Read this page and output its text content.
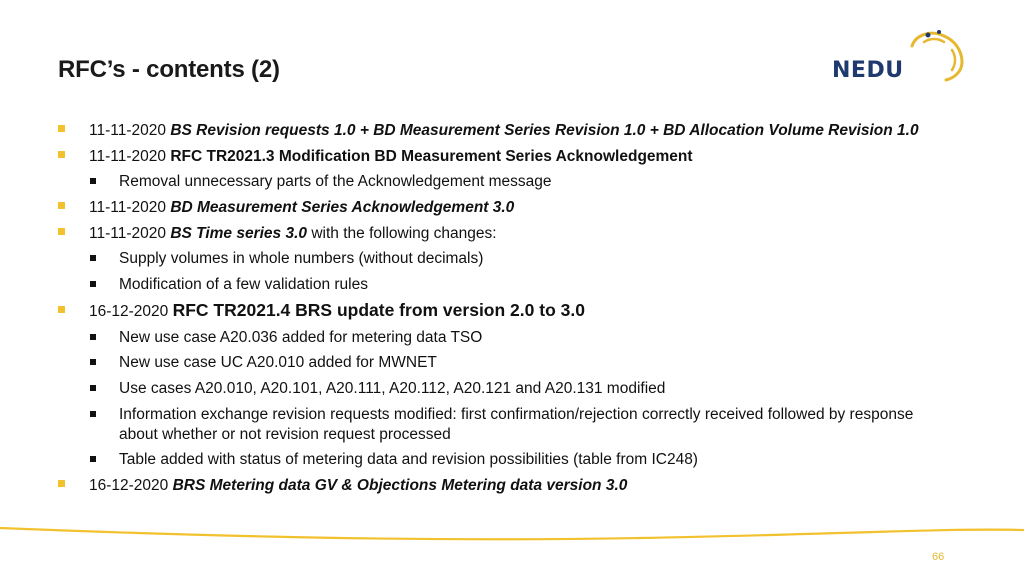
RFC’s - contents (2)	NEDU
11-11-2020 BS Revision requests 1.0 + BD Measurement Series Revision 1.0 + BD Allocation Volume Revision 1.0
11-11-2020 RFC TR2021.3 Modification BD Measurement Series Acknowledgement
Removal unnecessary parts of the Acknowledgement message
11-11-2020 BD Measurement Series Acknowledgement 3.0
11-11-2020 BS Time series 3.0 with the following changes:
Supply volumes in whole numbers (without decimals)
Modification of a few validation rules
16-12-2020 RFC TR2021.4 BRS update from version 2.0 to 3.0
New use case A20.036 added for metering data TSO
New use case UC A20.010 added for MWNET
Use cases A20.010, A20.101, A20.111, A20.112, A20.121 and A20.131 modified
Information exchange revision requests modified: first confirmation/rejection correctly received followed by response about whether or not revision request processed
Table added with status of metering data and revision possibilities (table from IC248)
16-12-2020 BRS Metering data GV & Objections Metering data version 3.0
66
